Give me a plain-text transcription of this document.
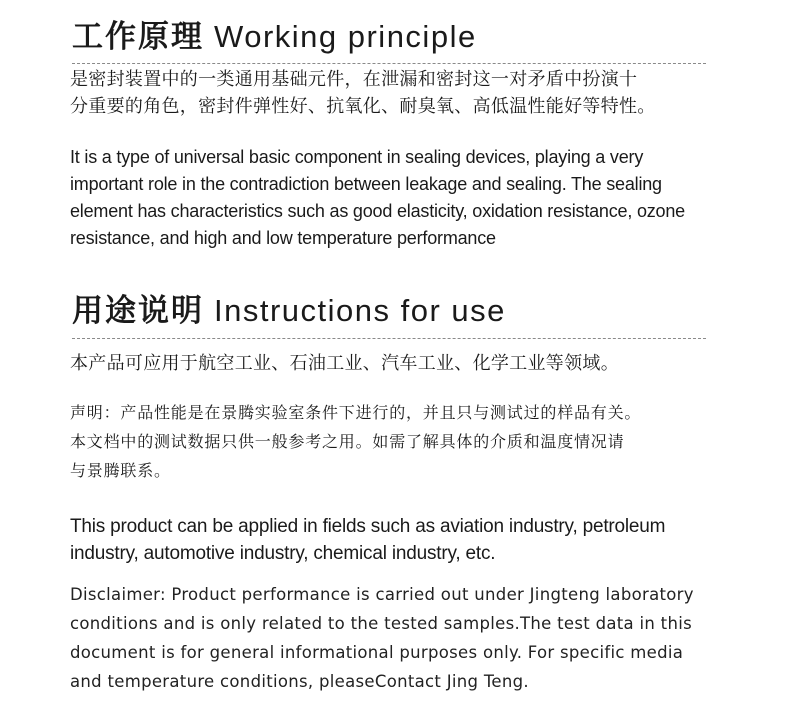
工作原理 Working principle

是密封装置中的一类通用基础元件，在泄漏和密封这一对矛盾中扮演十
分重要的角色，密封件弹性好、抗氧化、耐臭氧、高低温性能好等特性。

It is a type of universal basic component in sealing devices, playing a very
important role in the contradiction between leakage and sealing. The sealing
element has characteristics such as good elasticity, oxidation resistance, ozone
resistance, and high and low temperature performance

用途说明 Instructions for use

本产品可应用于航空工业、石油工业、汽车工业、化学工业等领域。

声明：产品性能是在景腾实验室条件下进行的，并且只与测试过的样品有关。
本文档中的测试数据只供一般参考之用。如需了解具体的介质和温度情况请
与景腾联系。

This product can be applied in fields such as aviation industry, petroleum
industry, automotive industry, chemical industry, etc.

Disclaimer: Product performance is carried out under Jingteng laboratory
conditions and is only related to the tested samples.The test data in this
document is for general informational purposes only. For specific media
and temperature conditions, pleaseContact Jing Teng.
